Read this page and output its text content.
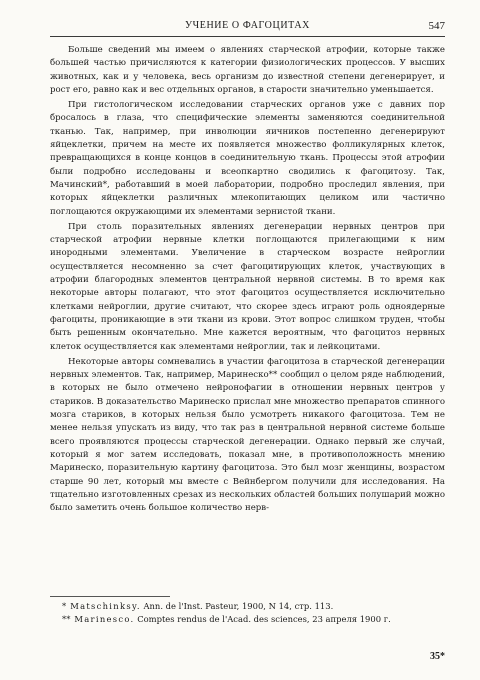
УЧЕНИЕ О ФАГОЦИТАХ	547

Больше сведений мы имеем о явлениях старческой атрофии, которые также большей частью причисляются к категории физиологических процессов. У высших животных, как и у человека, весь организм до известной степени дегенерирует, и рост его, равно как и вес отдельных органов, в старости значительно уменьшается.

При гистологическом исследовании старческих органов уже с давних пор бросалось в глаза, что специфические элементы заменяются соединительной тканью. Так, например, при инволюции яичников постепенно дегенерируют яйцеклетки, причем на месте их появляется множество фолликулярных клеток, превращающихся в конце концов в соединительную ткань. Процессы этой атрофии были подробно исследованы и всеопкартно сводились к фагоцитозу. Так, Мачинский*, работавший в моей лаборатории, подробно проследил явления, при которых яйцеклетки различных млекопитающих целиком или частично поглощаются окружающими их элементами зернистой ткани.

При столь поразительных явлениях дегенерации нервных центров при старческой атрофии нервные клетки поглощаются прилегающими к ним инородными элементами. Увеличение в старческом возрасте нейроглии осуществляется несомненно за счет фагоцитирующих клеток, участвующих в атрофии благородных элементов центральной нервной системы. В то время как некоторые авторы полагают, что этот фагоцитоз осуществляется исключительно клетками нейроглии, другие считают, что скорее здесь играют роль одноядерные фагоциты, проникающие в эти ткани из крови. Этот вопрос слишком труден, чтобы быть решенным окончательно. Мне кажется вероятным, что фагоцитоз нервных клеток осуществляется как элементами нейроглии, так и лейкоцитами.

Некоторые авторы сомневались в участии фагоцитоза в старческой дегенерации нервных элементов. Так, например, Маринеско** сообщил о целом ряде наблюдений, в которых не было отмечено нейронофагии в отношении нервных центров у стариков. В доказательство Маринеско прислал мне множество препаратов спинного мозга стариков, в которых нельзя было усмотреть никакого фагоцитоза. Тем не менее нельзя упускать из виду, что так раз в центральной нервной системе больше всего проявляются процессы старческой дегенерации. Однако первый же случай, который я мог затем исследовать, показал мне, в противоположность мнению Маринеско, поразительную картину фагоцитоза. Это был мозг женщины, возрастом старше 90 лет, который мы вместе с Вейнбергом получили для исследования. На тщательно изготовленных срезах из нескольких областей больших полушарий можно было заметить очень большое количество нерв-

* Matschinksy. Ann. de l'Inst. Pasteur, 1900, N 14, стр. 113.

** Marinesco. Comptes rendus de l'Acad. des sciences, 23 апреля 1900 г.

35*
